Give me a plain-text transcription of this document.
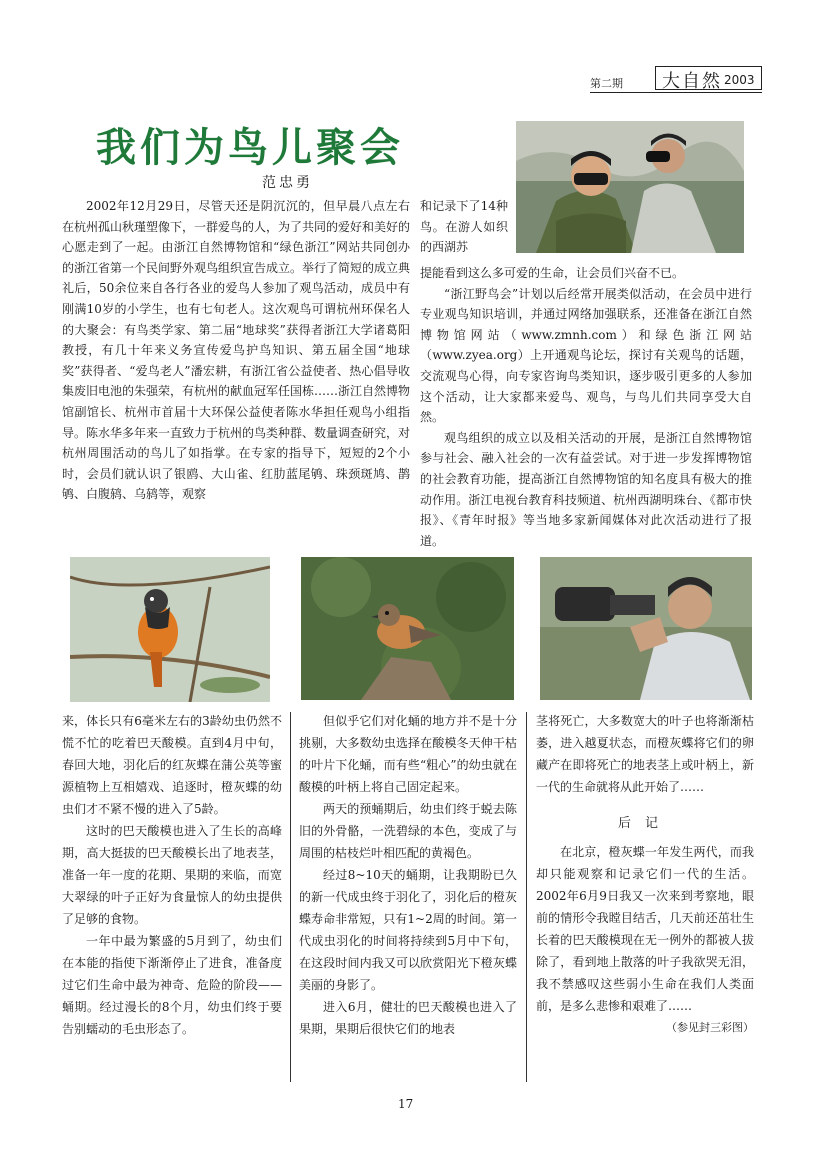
第二期 大自然 2003
我们为鸟儿聚会
范忠勇

2002年12月29日，尽管天还是阴沉沉的，但早晨八点左右在杭州孤山秋瑾塑像下，一群爱鸟的人，为了共同的爱好和美好的心愿走到了一起。由浙江自然博物馆和“绿色浙江”网站共同创办的浙江省第一个民间野外观鸟组织宣告成立。举行了简短的成立典礼后，50余位来自各行各业的爱鸟人参加了观鸟活动，成员中有刚满10岁的小学生，也有七旬老人。这次观鸟可谓杭州环保名人的大聚会：有鸟类学家、第二届“地球奖”获得者浙江大学诸葛阳教授，有几十年来义务宣传爱鸟护鸟知识、第五届全国“地球奖”获得者、“爱鸟老人”潘宏耕，有浙江省公益使者、热心倡导收集废旧电池的朱强荣，有杭州的献血冠军任国栋……浙江自然博物馆副馆长、杭州市首届十大环保公益使者陈水华担任观鸟小组指导。陈水华多年来一直致力于杭州的鸟类种群、数量调查研究，对杭州周围活动的鸟儿了如指掌。在专家的指导下，短短的2个小时，会员们就认识了银鸥、大山雀、红肋蓝尾鸲、珠颈斑鸠、鹊鸲、白腹鸫、乌鸫等，观察

和记录下了14种鸟。在游人如织的西湖苏

提能看到这么多可爱的生命，让会员们兴奋不已。

“浙江野鸟会”计划以后经常开展类似活动，在会员中进行专业观鸟知识培训，并通过网络加强联系，还准备在浙江自然博物馆网站（www.zmnh.com）和绿色浙江网站（www.zyea.org）上开通观鸟论坛，探讨有关观鸟的话题，交流观鸟心得，向专家咨询鸟类知识，逐步吸引更多的人参加这个活动，让大家都来爱鸟、观鸟，与鸟儿们共同享受大自然。

观鸟组织的成立以及相关活动的开展，是浙江自然博物馆参与社会、融入社会的一次有益尝试。对于进一步发挥博物馆的社会教育功能，提高浙江自然博物馆的知名度具有极大的推动作用。浙江电视台教育科技频道、杭州西湖明珠台、《都市快报》、《青年时报》等当地多家新闻媒体对此次活动进行了报道。

来，体长只有6毫米左右的3龄幼虫仍然不慌不忙的吃着巴天酸模。直到4月中旬，春回大地，羽化后的红灰蝶在蒲公英等蜜源植物上互相嬉戏、追逐时，橙灰蝶的幼虫们才不紧不慢的进入了5龄。

这时的巴天酸模也进入了生长的高峰期，高大挺拔的巴天酸模长出了地表茎，准备一年一度的花期、果期的来临，而宽大翠绿的叶子正好为食量惊人的幼虫提供了足够的食物。

一年中最为繁盛的5月到了，幼虫们在本能的指使下渐渐停止了进食，准备度过它们生命中最为神奇、危险的阶段——蛹期。经过漫长的8个月，幼虫们终于要告别蠕动的毛虫形态了。

但似乎它们对化蛹的地方并不是十分挑剔，大多数幼虫选择在酸模冬天伸干枯的叶片下化蛹，而有些“粗心”的幼虫就在酸模的叶柄上将自己固定起来。

两天的预蛹期后，幼虫们终于蜕去陈旧的外骨骼，一洗碧绿的本色，变成了与周围的枯枝烂叶相匹配的黄褐色。

经过8~10天的蛹期，让我期盼已久的新一代成虫终于羽化了，羽化后的橙灰蝶寿命非常短，只有1~2周的时间。第一代成虫羽化的时间将持续到5月中下旬，在这段时间内我又可以欣赏阳光下橙灰蝶美丽的身影了。

进入6月，健壮的巴天酸模也进入了果期，果期后很快它们的地表

茎将死亡，大多数宽大的叶子也将渐渐枯萎，进入越夏状态，而橙灰蝶将它们的卵藏产在即将死亡的地表茎上或叶柄上，新一代的生命就将从此开始了……

后记

在北京，橙灰蝶一年发生两代，而我却只能观察和记录它们一代的生活。2002年6月9日我又一次来到考察地，眼前的情形令我瞠目结舌，几天前还茁壮生长着的巴天酸模现在无一例外的都被人拔除了，看到地上散落的叶子我欲哭无泪，我不禁感叹这些弱小生命在我们人类面前，是多么悲惨和艰难了……

（参见封三彩图）
17
